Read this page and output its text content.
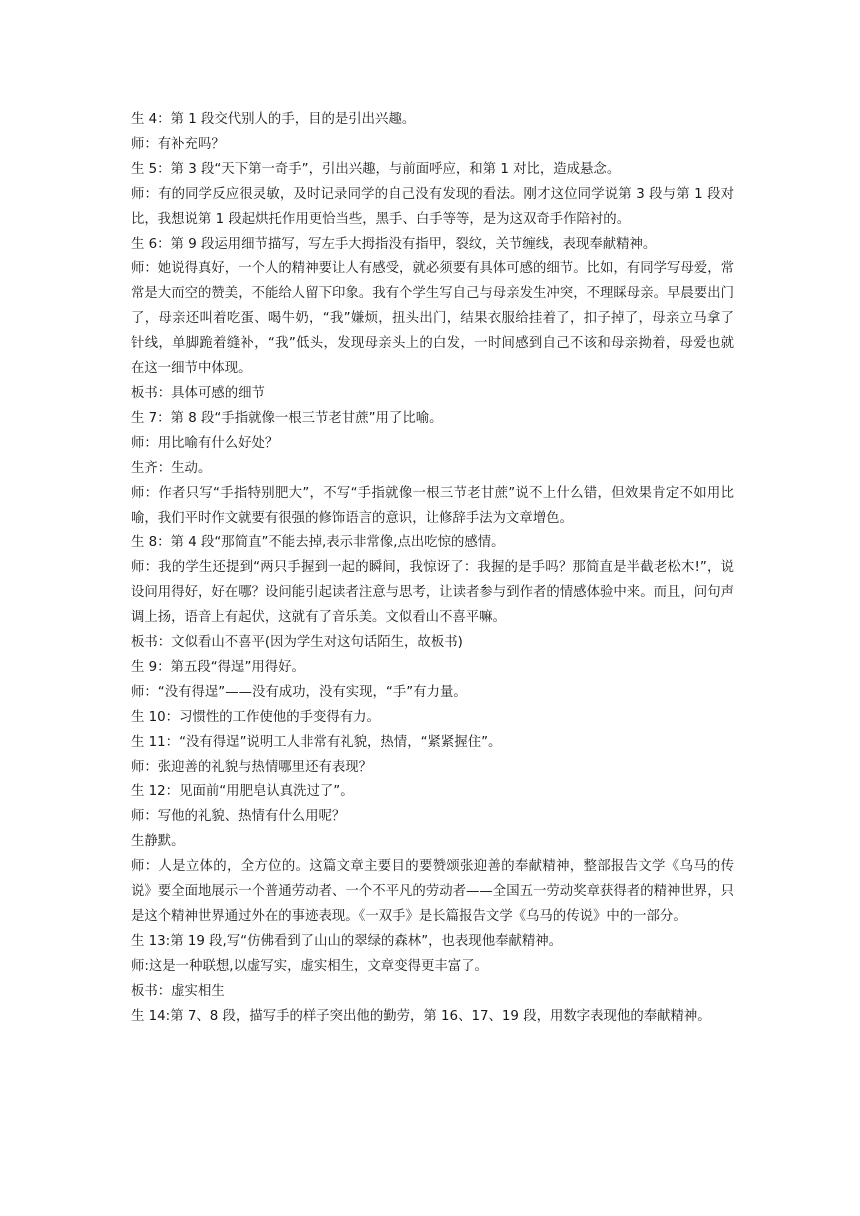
生 4：第 1 段交代别人的手，目的是引出兴趣。

师：有补充吗？

生 5：第 3 段“天下第一奇手”，引出兴趣，与前面呼应，和第 1 对比，造成悬念。

师：有的同学反应很灵敏，及时记录同学的自己没有发现的看法。刚才这位同学说第 3 段与第 1 段对比，我想说第 1 段起烘托作用更恰当些，黑手、白手等等，是为这双奇手作陪衬的。

生 6：第 9 段运用细节描写，写左手大拇指没有指甲，裂纹，关节缠线，表现奉献精神。

师：她说得真好，一个人的精神要让人有感受，就必须要有具体可感的细节。比如，有同学写母爱，常常是大而空的赞美，不能给人留下印象。我有个学生写自己与母亲发生冲突，不理睬母亲。早晨要出门了，母亲还叫着吃蛋、喝牛奶，“我”嫌烦，扭头出门，结果衣服给挂着了，扣子掉了，母亲立马拿了针线，单脚跪着缝补，“我”低头，发现母亲头上的白发，一时间感到自己不该和母亲拗着，母爱也就在这一细节中体现。

板书：具体可感的细节

生 7：第 8 段“手指就像一根三节老甘蔗”用了比喻。

师：用比喻有什么好处？

生齐：生动。

师：作者只写“手指特别肥大”，不写“手指就像一根三节老甘蔗”说不上什么错，但效果肯定不如用比喻，我们平时作文就要有很强的修饰语言的意识，让修辞手法为文章增色。

生 8：第 4 段“那简直”不能去掉,表示非常像,点出吃惊的感情。

师：我的学生还提到“两只手握到一起的瞬间，我惊讶了：我握的是手吗？那简直是半截老松木!”，说设问用得好，好在哪？设问能引起读者注意与思考，让读者参与到作者的情感体验中来。而且，问句声调上扬，语音上有起伏，这就有了音乐美。文似看山不喜平嘛。

板书：文似看山不喜平(因为学生对这句话陌生，故板书)

生 9：第五段“得逞”用得好。

师：“没有得逞”——没有成功，没有实现，“手”有力量。

生 10：习惯性的工作使他的手变得有力。

生 11：“没有得逞”说明工人非常有礼貌，热情，“紧紧握住”。

师：张迎善的礼貌与热情哪里还有表现？

生 12：见面前“用肥皂认真洗过了”。

师：写他的礼貌、热情有什么用呢？

生静默。

师：人是立体的，全方位的。这篇文章主要目的要赞颂张迎善的奉献精神，整部报告文学《乌马的传说》要全面地展示一个普通劳动者、一个不平凡的劳动者——全国五一劳动奖章获得者的精神世界，只是这个精神世界通过外在的事迹表现。《一双手》是长篇报告文学《乌马的传说》中的一部分。

生 13:第 19 段,写“仿佛看到了山山的翠绿的森林”，也表现他奉献精神。

师:这是一种联想,以虚写实，虚实相生，文章变得更丰富了。

板书：虚实相生

生 14:第 7、8 段，描写手的样子突出他的勤劳，第 16、17、19 段，用数字表现他的奉献精神。
